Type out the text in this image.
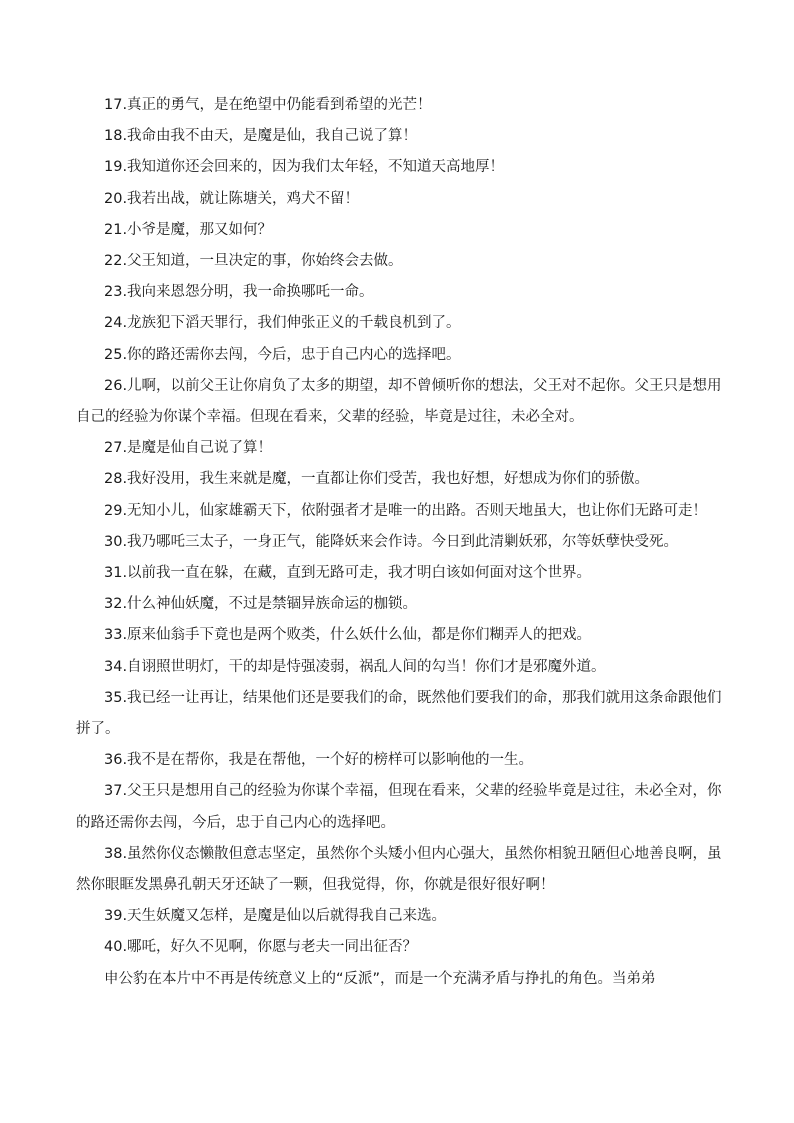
17.真正的勇气，是在绝望中仍能看到希望的光芒！

18.我命由我不由天，是魔是仙，我自己说了算！

19.我知道你还会回来的，因为我们太年轻，不知道天高地厚！

20.我若出战，就让陈塘关，鸡犬不留！

21.小爷是魔，那又如何？

22.父王知道，一旦决定的事，你始终会去做。

23.我向来恩怨分明，我一命换哪吒一命。

24.龙族犯下滔天罪行，我们伸张正义的千载良机到了。

25.你的路还需你去闯，今后，忠于自己内心的选择吧。

26.儿啊，以前父王让你肩负了太多的期望，却不曾倾听你的想法，父王对不起你。父王只是想用自己的经验为你谋个幸福。但现在看来，父辈的经验，毕竟是过往，未必全对。

27.是魔是仙自己说了算！

28.我好没用，我生来就是魔，一直都让你们受苦，我也好想，好想成为你们的骄傲。

29.无知小儿，仙家雄霸天下，依附强者才是唯一的出路。否则天地虽大，也让你们无路可走！

30.我乃哪吒三太子，一身正气，能降妖来会作诗。今日到此清剿妖邪，尔等妖孽快受死。

31.以前我一直在躲，在藏，直到无路可走，我才明白该如何面对这个世界。

32.什么神仙妖魔，不过是禁锢异族命运的枷锁。

33.原来仙翁手下竟也是两个败类，什么妖什么仙，都是你们糊弄人的把戏。

34.自诩照世明灯，干的却是恃强凌弱，祸乱人间的勾当！你们才是邪魔外道。

35.我已经一让再让，结果他们还是要我们的命，既然他们要我们的命，那我们就用这条命跟他们拼了。

36.我不是在帮你，我是在帮他，一个好的榜样可以影响他的一生。

37.父王只是想用自己的经验为你谋个幸福，但现在看来，父辈的经验毕竟是过往，未必全对，你的路还需你去闯，今后，忠于自己内心的选择吧。

38.虽然你仪态懒散但意志坚定，虽然你个头矮小但内心强大，虽然你相貌丑陋但心地善良啊，虽然你眼眶发黑鼻孔朝天牙还缺了一颗，但我觉得，你，你就是很好很好啊！

39.天生妖魔又怎样，是魔是仙以后就得我自己来选。

40.哪吒，好久不见啊，你愿与老夫一同出征否？

申公豹在本片中不再是传统意义上的“反派”，而是一个充满矛盾与挣扎的角色。当弟弟
